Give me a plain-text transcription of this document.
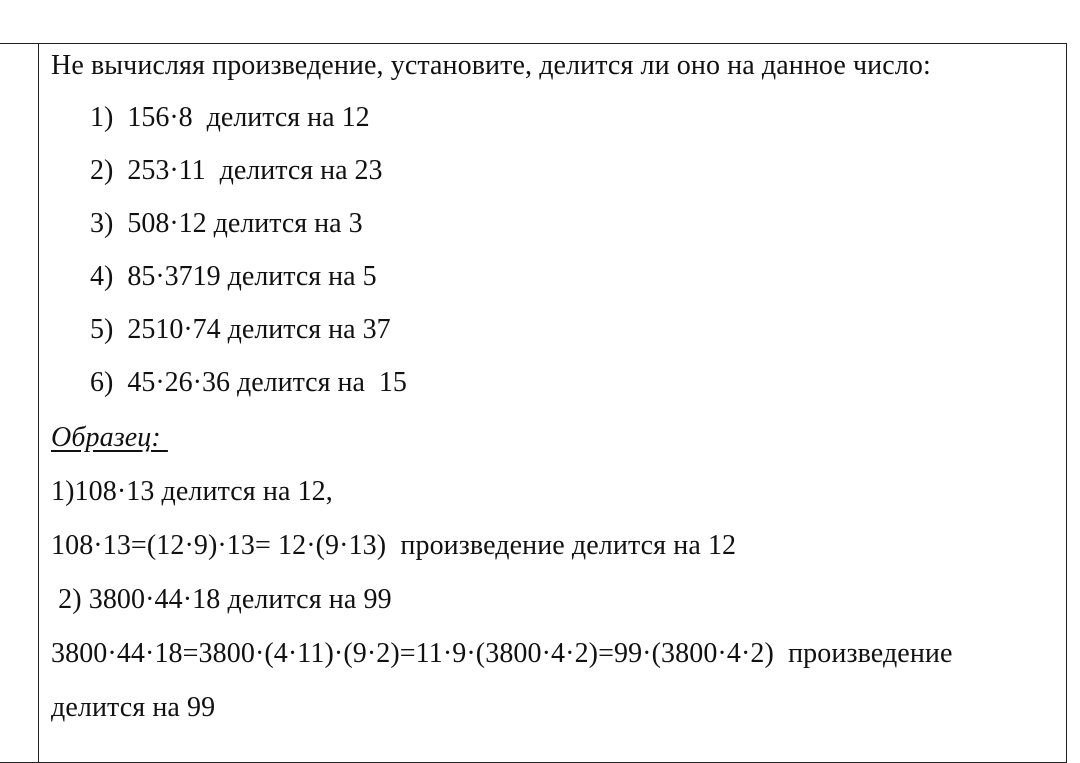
Не вычисляя произведение, установите, делится ли оно на данное число:
1)  156·8  делится на 12
2)  253·11  делится на 23
3)  508·12 делится на 3
4)  85·3719 делится на 5
5)  2510·74 делится на 37
6)  45·26·36 делится на  15
Образец:
1)108·13 делится на 12,
108·13=(12·9)·13= 12·(9·13)  произведение делится на 12
2) 3800·44·18 делится на 99
3800·44·18=3800·(4·11)·(9·2)=11·9·(3800·4·2)=99·(3800·4·2)  произведение
делится на 99
